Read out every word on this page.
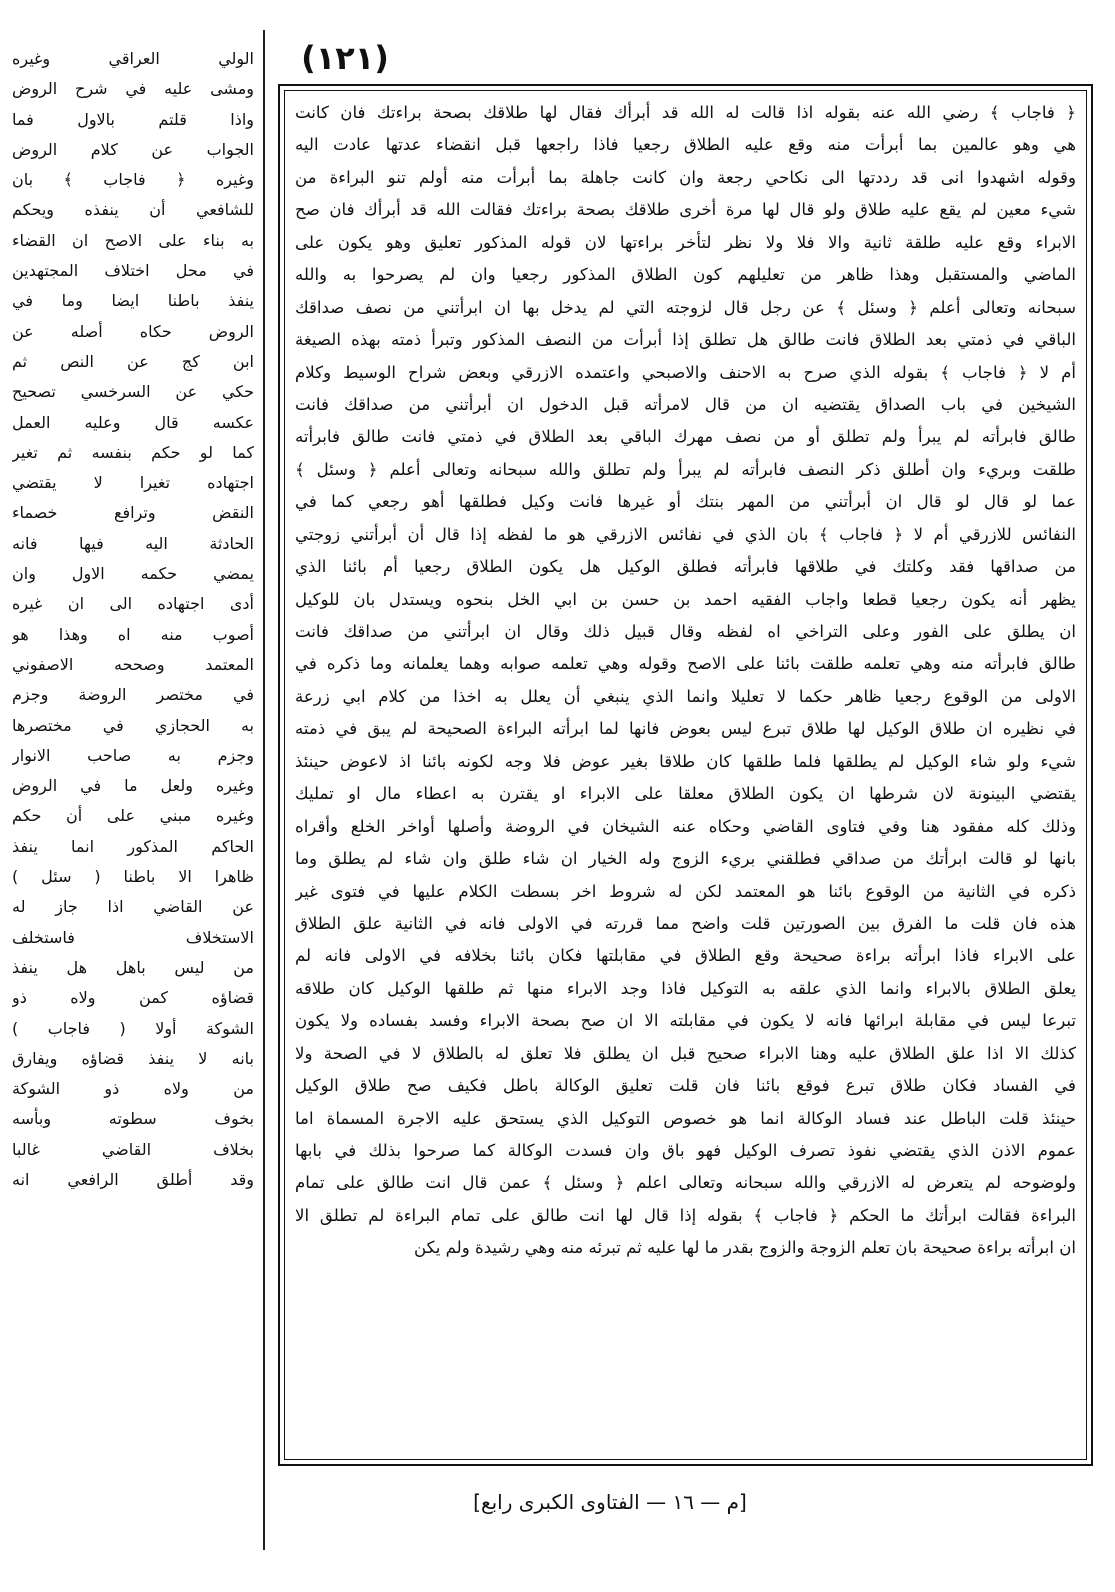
(١٢١)
﴿ فاجاب ﴾ رضي الله عنه بقوله اذا قالت له الله قد أبرأك فقال لها طلاقك بصحة براءتك فان كانت
هي وهو عالمين بما أبرأت منه وقع عليه الطلاق رجعيا فاذا راجعها قبل انقضاء عدتها عادت اليه
وقوله اشهدوا انى قد رددتها الى نكاحي رجعة وان كانت جاهلة بما أبرأت منه أولم تنو البراءة من
شيء معين لم يقع عليه طلاق ولو قال لها مرة أخرى طلاقك بصحة براءتك فقالت الله قد أبرأك فان صح
الابراء وقع عليه طلقة ثانية والا فلا ولا نظر لتأخر براءتها لان قوله المذكور تعليق وهو يكون على
الماضي والمستقبل وهذا ظاهر من تعليلهم كون الطلاق المذكور رجعيا وان لم يصرحوا به والله
سبحانه وتعالى أعلم ﴿ وسئل ﴾ عن رجل قال لزوجته التي لم يدخل بها ان ابرأتني من نصف صداقك
الباقي في ذمتي بعد الطلاق فانت طالق هل تطلق إذا أبرأت من النصف المذكور وتبرأ ذمته بهذه الصيغة
أم لا ﴿ فاجاب ﴾ بقوله الذي صرح به الاحنف والاصبحي واعتمده الازرقي وبعض شراح الوسيط وكلام
الشيخين في باب الصداق يقتضيه ان من قال لامرأته قبل الدخول ان أبرأتني من صداقك فانت
طالق فابرأته لم يبرأ ولم تطلق أو من نصف مهرك الباقي بعد الطلاق في ذمتي فانت طالق فابرأته
طلقت وبريء وان أطلق ذكر النصف فابرأته لم يبرأ ولم تطلق والله سبحانه وتعالى أعلم ﴿ وسئل ﴾
عما لو قال لو قال ان أبرأتني من المهر بنتك أو غيرها فانت وكيل فطلقها أهو رجعي كما في
النفائس للازرقي أم لا ﴿ فاجاب ﴾ بان الذي في نفائس الازرقي هو ما لفظه إذا قال أن أبرأتني زوجتي
من صداقها فقد وكلتك في طلاقها فابرأته فطلق الوكيل هل يكون الطلاق رجعيا أم بائنا الذي
يظهر أنه يكون رجعيا قطعا واجاب الفقيه احمد بن حسن بن ابي الخل بنحوه ويستدل بان للوكيل
ان يطلق على الفور وعلى التراخي اه لفظه وقال قبيل ذلك وقال ان ابرأتني من صداقك فانت
طالق فابرأته منه وهي تعلمه طلقت بائنا على الاصح وقوله وهي تعلمه صوابه وهما يعلمانه وما ذكره في
الاولى من الوقوع رجعيا ظاهر حكما لا تعليلا وانما الذي ينبغي أن يعلل به اخذا من كلام ابي زرعة
في نظيره ان طلاق الوكيل لها طلاق تبرع ليس بعوض فانها لما ابرأته البراءة الصحيحة لم يبق في ذمته
شيء ولو شاء الوكيل لم يطلقها فلما طلقها كان طلاقا بغير عوض فلا وجه لكونه بائنا اذ لاعوض حينئذ
يقتضي البينونة لان شرطها ان يكون الطلاق معلقا على الابراء او يقترن به اعطاء مال او تمليك
وذلك كله مفقود هنا وفي فتاوى القاضي وحكاه عنه الشيخان في الروضة وأصلها أواخر الخلع وأقراه
بانها لو قالت ابرأتك من صداقي فطلقني بريء الزوج وله الخيار ان شاء طلق وان شاء لم يطلق وما
ذكره في الثانية من الوقوع بائنا هو المعتمد لكن له شروط اخر بسطت الكلام عليها في فتوى غير
هذه فان قلت ما الفرق بين الصورتين قلت واضح مما قررته في الاولى فانه في الثانية علق الطلاق
على الابراء فاذا ابرأته براءة صحيحة وقع الطلاق في مقابلتها فكان بائنا بخلافه في الاولى فانه لم
يعلق الطلاق بالابراء وانما الذي علقه به التوكيل فاذا وجد الابراء منها ثم طلقها الوكيل كان طلاقه
تبرعا ليس في مقابلة ابرائها فانه لا يكون في مقابلته الا ان صح بصحة الابراء وفسد بفساده ولا يكون
كذلك الا اذا علق الطلاق عليه وهنا الابراء صحيح قبل ان يطلق فلا تعلق له بالطلاق لا في الصحة ولا
في الفساد فكان طلاق تبرع فوقع بائنا فان قلت تعليق الوكالة باطل فكيف صح طلاق الوكيل
حينئذ قلت الباطل عند فساد الوكالة انما هو خصوص التوكيل الذي يستحق عليه الاجرة المسماة اما
عموم الاذن الذي يقتضي نفوذ تصرف الوكيل فهو باق وان فسدت الوكالة كما صرحوا بذلك في بابها
ولوضوحه لم يتعرض له الازرقي والله سبحانه وتعالى اعلم ﴿ وسئل ﴾ عمن قال انت طالق على تمام
البراءة فقالت ابرأتك ما الحكم ﴿ فاجاب ﴾ بقوله إذا قال لها انت طالق على تمام البراءة لم تطلق الا
ان ابرأته براءة صحيحة بان تعلم الزوجة والزوج بقدر ما لها عليه ثم تبرئه منه وهي رشيدة ولم يكن
الولي العراقي وغيره
ومشى عليه في شرح الروض
واذا قلتم بالاول فما
الجواب عن كلام الروض
وغيره ﴿ فاجاب ﴾ بان
للشافعي أن ينفذه ويحكم
به بناء على الاصح ان القضاء
في محل اختلاف المجتهدين
ينفذ باطنا ايضا وما في
الروض حكاه أصله عن
ابن كج عن النص ثم
حكي عن السرخسي تصحيح
عكسه قال وعليه العمل
كما لو حكم بنفسه ثم تغير
اجتهاده تغيرا لا يقتضي
النقض وترافع خصماء
الحادثة اليه فيها فانه
يمضي حكمه الاول وان
أدى اجتهاده الى ان غيره
أصوب منه اه وهذا هو
المعتمد وصححه الاصفوني
في مختصر الروضة وجزم
به الحجازي في مختصرها
وجزم به صاحب الانوار
وغيره ولعل ما في الروض
وغيره مبني على أن حكم
الحاكم المذكور انما ينفذ
ظاهرا الا باطنا ( سئل )
عن القاضي اذا جاز له
الاستخلاف فاستخلف
من ليس باهل هل ينفذ
قضاؤه كمن ولاه ذو
الشوكة أولا ( فاجاب )
بانه لا ينفذ قضاؤه ويفارق
من ولاه ذو الشوكة
بخوف سطوته وبأسه
بخلاف القاضي غالبا
وقد أطلق الرافعي انه
[م — ١٦ — الفتاوى الكبرى رابع]
